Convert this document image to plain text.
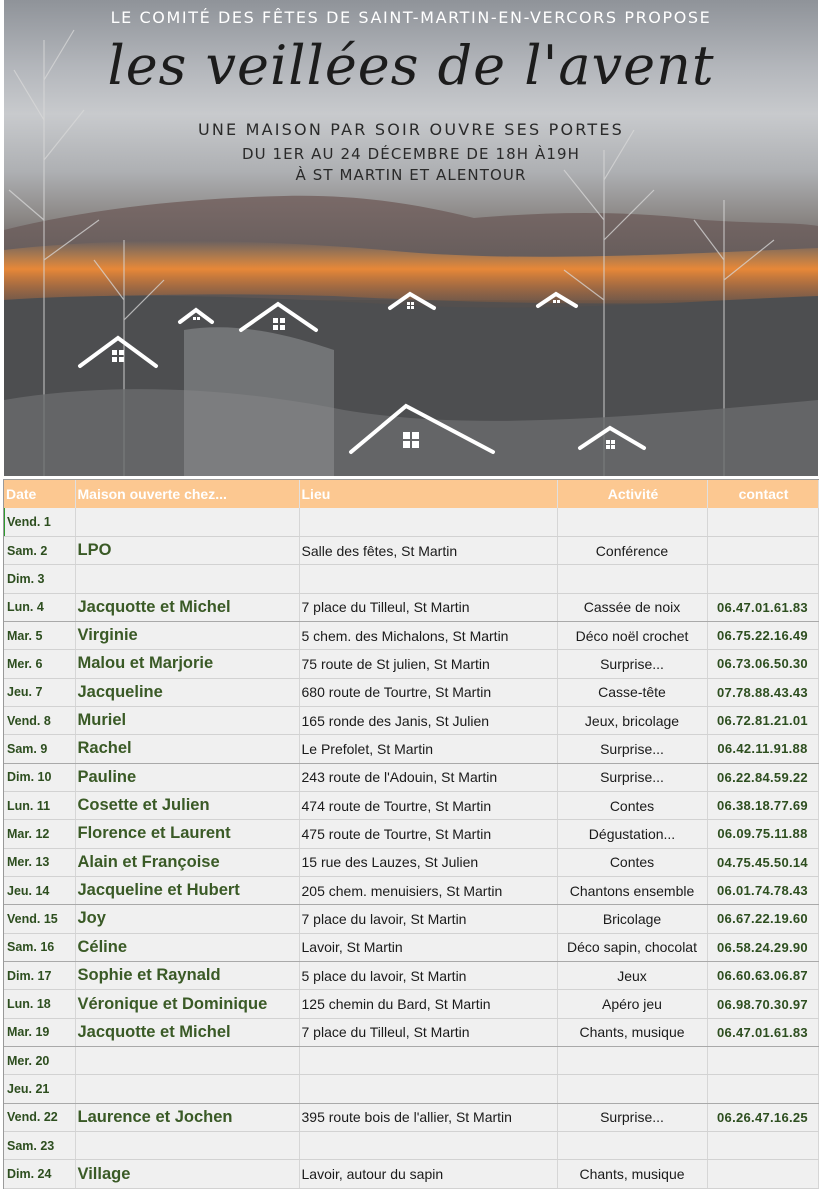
LE COMITÉ DES FÊTES DE SAINT-MARTIN-EN-VERCORS PROPOSE
les veillées de l'avent
UNE MAISON PAR SOIR OUVRE SES PORTES
DU 1ER AU 24 DÉCEMBRE DE 18H À19H
À ST MARTIN ET ALENTOUR
Date	Maison ouverte chez...	Lieu	Activité	contact
Vend. 1				
Sam. 2	LPO	Salle des fêtes, St Martin	Conférence	
Dim. 3				
Lun. 4	Jacquotte et Michel	7 place du Tilleul, St Martin	Cassée de noix	06.47.01.61.83
Mar. 5	Virginie	5 chem. des Michalons, St Martin	Déco noël crochet	06.75.22.16.49
Mer. 6	Malou et Marjorie	75 route de St julien, St Martin	Surprise...	06.73.06.50.30
Jeu. 7	Jacqueline	680 route de Tourtre, St Martin	Casse-tête	07.78.88.43.43
Vend. 8	Muriel	165 ronde des Janis, St Julien	Jeux, bricolage	06.72.81.21.01
Sam. 9	Rachel	Le Prefolet, St Martin	Surprise...	06.42.11.91.88
Dim. 10	Pauline	243 route de l'Adouin, St Martin	Surprise...	06.22.84.59.22
Lun. 11	Cosette et Julien	474 route de Tourtre, St Martin	Contes	06.38.18.77.69
Mar. 12	Florence et Laurent	475 route de Tourtre, St Martin	Dégustation...	06.09.75.11.88
Mer. 13	Alain et Françoise	15 rue des Lauzes, St Julien	Contes	04.75.45.50.14
Jeu. 14	Jacqueline et Hubert	205 chem. menuisiers, St Martin	Chantons ensemble	06.01.74.78.43
Vend. 15	Joy	7 place du lavoir, St Martin	Bricolage	06.67.22.19.60
Sam. 16	Céline	Lavoir, St Martin	Déco sapin, chocolat	06.58.24.29.90
Dim. 17	Sophie et Raynald	5 place du lavoir, St Martin	Jeux	06.60.63.06.87
Lun. 18	Véronique et Dominique	125 chemin du Bard, St Martin	Apéro jeu	06.98.70.30.97
Mar. 19	Jacquotte et Michel	7 place du Tilleul, St Martin	Chants, musique	06.47.01.61.83
Mer. 20				
Jeu. 21				
Vend. 22	Laurence et Jochen	395 route bois de l'allier, St Martin	Surprise...	06.26.47.16.25
Sam. 23				
Dim. 24	Village	Lavoir, autour du sapin	Chants, musique	
